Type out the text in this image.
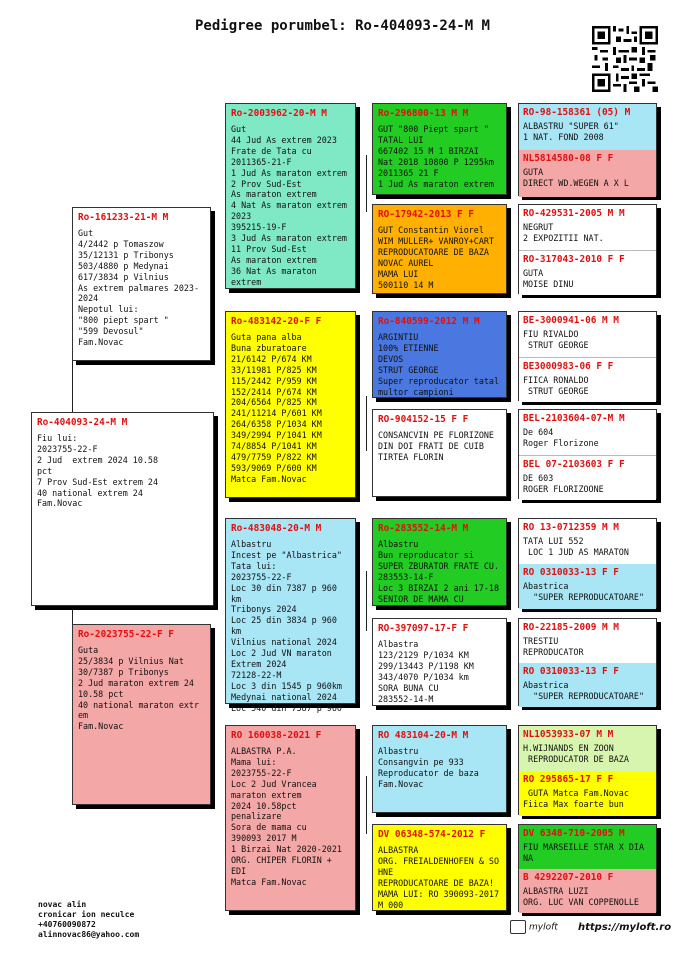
Pedigree porumbel: Ro-404093-24-M M
Ro-404093-24-M M
Fiu lui:
2023755-22-F
2 Jud  extrem 2024 10.58
pct
7 Prov Sud-Est extrem 24
40 national extrem 24
Fam.Novac
Ro-161233-21-M M
Gut
4/2442 p Tomaszow
35/12131 p Tribonys
503/4880 p Medynai
617/3834 p Vilnius
As extrem palmares 2023-
2024
Nepotul lui:
"800 piept spart "
"599 Devosul"
Fam.Novac
Ro-2023755-22-F F
Guta
25/3834 p Vilnius Nat
30/7387 p Tribonys
2 Jud maraton extrem 24
10.58 pct
40 national maraton extr
em
Fam.Novac
Ro-2003962-20-M M
Gut
44 Jud As extrem 2023
Frate de Tata cu
2011365-21-F
1 Jud As maraton extrem
2 Prov Sud-Est
As maraton extrem
4 Nat As maraton extrem
2023
395215-19-F
3 Jud As maraton extrem
11 Prov Sud-Est
As maraton extrem
36 Nat As maraton extrem
Ro-483142-20-F F
Guta pana alba
Buna zburatoare
21/6142 P/674 KM
33/11981 P/825 KM
115/2442 P/959 KM
152/2414 P/674 KM
204/6564 P/825 KM
241/11214 P/601 KM
264/6358 P/1034 KM
349/2994 P/1041 KM
74/8854 P/1041 KM
479/7759 P/822 KM
593/9069 P/600 KM
Matca Fam.Novac
Ro-483048-20-M M
Albastru
Incest pe "Albastrica"
Tata lui:
2023755-22-F
Loc 30 din 7387 p 960 km
Tribonys 2024
Loc 25 din 3834 p 960 km
Vilnius national 2024
Loc 2 Jud VN maraton
Extrem 2024
72128-22-M
Loc 3 din 1545 p 960km
Medynai national 2024
Loc 540 din 7387 p 960
RO 160038-2021 F
ALBASTRA P.A.
Mama lui:
2023755-22-F
Loc 2 Jud Vrancea
maraton extrem
2024 10.58pct penalizare
Sora de mama cu
390093 2017 M
1 Birzai Nat 2020-2021
ORG. CHIPER FLORIN + EDI
Matca Fam.Novac
Ro-296800-13 M M
GUT "800 Piept spart "
TATAL LUI
667402 15 M 1 BIRZAI
Nat 2018 10800 P 1295km
2011365 21 F
1 Jud As maraton extrem
RO-17942-2013 F F
GUT Constantin Viorel
WIM MULLER+ VANROY+CART
REPRODUCATOARE DE BAZA
NOVAC AUREL
MAMA LUI
500110 14 M
Ro-840599-2012 M M
ARGINTIU
100% ETIENNE
DEVOS
STRUT GEORGE
Super reproducator tatal
multor campioni
RO-904152-15 F F
CONSANCVIN PE FLORIZONE
DIN DOI FRATI DE CUIB
TIRTEA FLORIN
Ro-283552-14-M M
Albastru
Bun reproducator si
SUPER ZBURATOR FRATE CU.
283553-14-F
Loc 3 BIRZAI 2 ani 17-18
SENIOR DE MAMA CU
RO-397097-17-F F
Albastra
123/2129 P/1034 KM
299/13443 P/1198 KM
343/4070 P/1034 km
SORA BUNA CU
283552-14-M
RO 483104-20-M M
Albastru
Consangvin pe 933
Reproducator de baza
Fam.Novac
DV 06348-574-2012 F
ALBASTRA
ORG. FREIALDENHOFEN & SO
HNE
REPRODUCATOARE DE BAZA!
MAMA LUI: RO 390093-2017
M 000
RO-98-158361 (05) M
ALBASTRU "SUPER 61"
1 NAT. FOND 2008
NL5814580-08 F F
GUTA
DIRECT WD.WEGEN A X L
RO-429531-2005 M M
NEGRUT
2 EXPOZITII NAT.
RO-317043-2010 F F
GUTA
MOISE DINU
BE-3000941-06 M M
FIU RIVALDO
STRUT GEORGE
BE3000983-06 F F
FIICA RONALDO
STRUT GEORGE
BEL-2103604-07-M M
De 604
Roger Florizone
BEL 07-2103603 F F
DE 603
ROGER FLORIZOONE
RO 13-0712359 M M
TATA LUI 552
LOC 1 JUD AS MARATON
RO 0310033-13 F F
Abastrica
"SUPER REPRODUCATOARE"
RO-22185-2009 M M
TRESTIU
REPRODUCATOR
RO 0310033-13 F F
Abastrica
"SUPER REPRODUCATOARE"
NL1053933-07 M M
H.WIJNANDS EN ZOON
REPRODUCATOR DE BAZA
RO 295865-17 F F
GUTA Matca Fam.Novac
Fiica Max foarte bun
DV 6348-710-2005 M
FIU MARSEILLE STAR X DIA
NA
B 4292207-2010 F
ALBASTRA LUZI
ORG. LUC VAN COPPENOLLE
novac alin
cronicar ion neculce
+40760090872
alinnovac86@yahoo.com
myloft https://myloft.ro
